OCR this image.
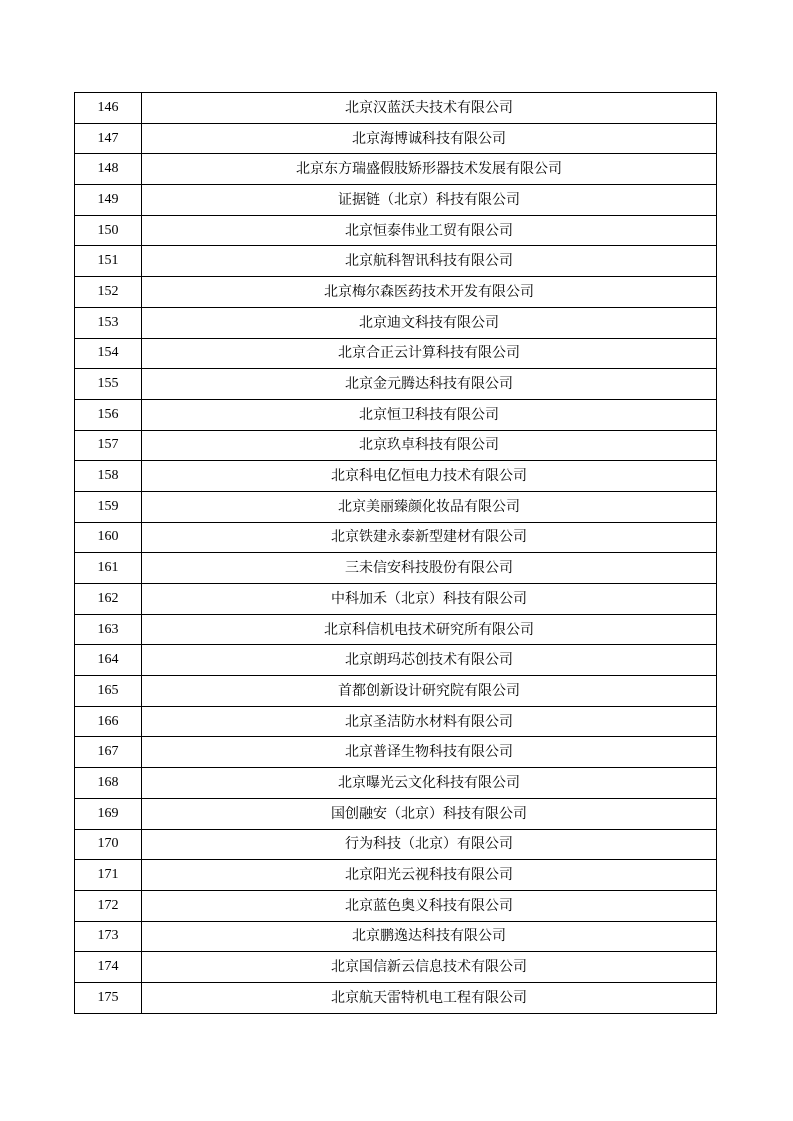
146	北京汉蓝沃夫技术有限公司
147	北京海博诚科技有限公司
148	北京东方瑞盛假肢矫形器技术发展有限公司
149	证据链（北京）科技有限公司
150	北京恒泰伟业工贸有限公司
151	北京航科智讯科技有限公司
152	北京梅尔森医药技术开发有限公司
153	北京迪文科技有限公司
154	北京合正云计算科技有限公司
155	北京金元腾达科技有限公司
156	北京恒卫科技有限公司
157	北京玖卓科技有限公司
158	北京科电亿恒电力技术有限公司
159	北京美丽臻颜化妆品有限公司
160	北京铁建永泰新型建材有限公司
161	三未信安科技股份有限公司
162	中科加禾（北京）科技有限公司
163	北京科信机电技术研究所有限公司
164	北京朗玛芯创技术有限公司
165	首都创新设计研究院有限公司
166	北京圣洁防水材料有限公司
167	北京普译生物科技有限公司
168	北京曝光云文化科技有限公司
169	国创融安（北京）科技有限公司
170	行为科技（北京）有限公司
171	北京阳光云视科技有限公司
172	北京蓝色奥义科技有限公司
173	北京鹏逸达科技有限公司
174	北京国信新云信息技术有限公司
175	北京航天雷特机电工程有限公司
